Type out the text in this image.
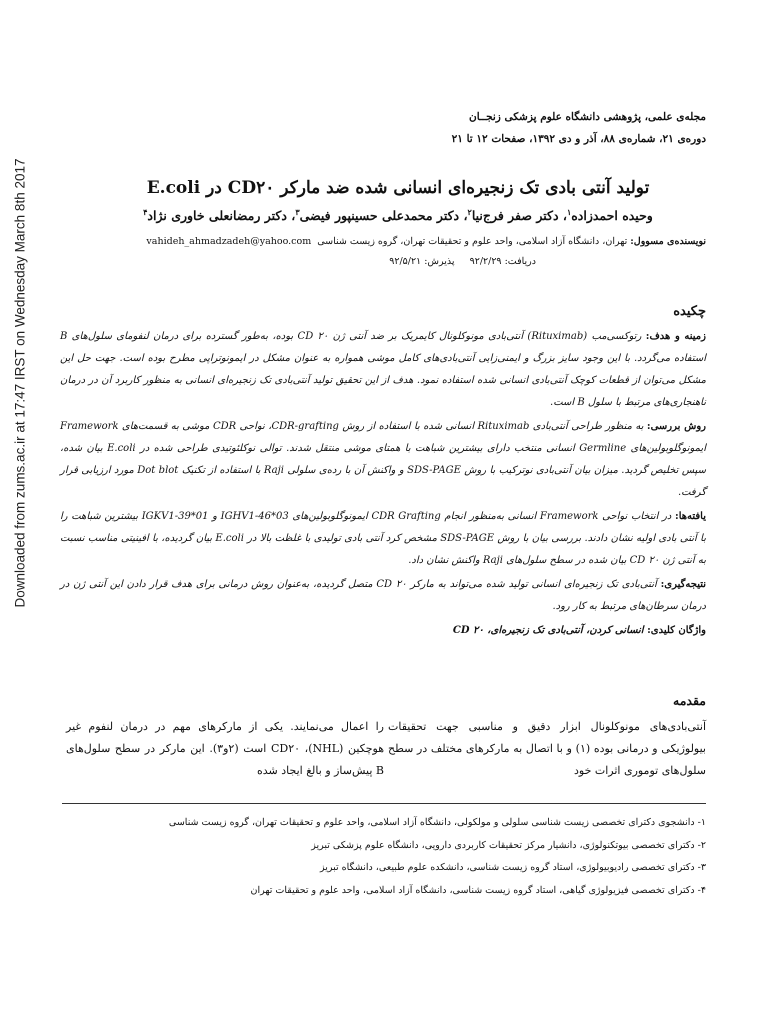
Downloaded from zums.ac.ir at 17:47 IRST on Wednesday March 8th 2017
مجله‌ی علمی، پژوهشی دانشگاه علوم پزشکی زنجــان
دوره‌ی ۲۱، شماره‌ی ۸۸، آذر و دی ۱۳۹۲، صفحات ۱۲ تا ۲۱
تولید آنتی بادی تک زنجیره‌ای انسانی شده ضد مارکر CD۲۰ در E.coli
وحیده احمدزاده$^۱$، دکتر صفر فرج‌نیا$^۲$، دکتر محمدعلی حسینپور فیضی$^۳$، دکتر رمضانعلی خاوری نژاد$^۴$
نویسنده‌ی مسوول: تهران، دانشگاه آزاد اسلامی، واحد علوم و تحقیقات تهران، گروه زیست شناسی  vahideh_ahmadzadeh@yahoo.com
دریافت: ۹۲/۲/۲۹     پذیرش: ۹۲/۵/۲۱
چکیده

زمینه و هدف: رتوکسی‌مب (Rituximab) آنتی‌بادی مونوکلونال کایمریک بر ضد آنتی ژن CD ۲۰ بوده، به‌طور گسترده برای درمان لنفومای سلول‌های B استفاده می‌گردد. با این وجود سایز بزرگ و ایمنی‌زایی آنتی‌بادی‌های کامل موشی همواره به عنوان مشکل در ایمونوتراپی مطرح بوده است. جهت حل این مشکل می‌توان از قطعات کوچک آنتی‌بادی انسانی شده استفاده نمود. هدف از این تحقیق تولید آنتی‌بادی تک زنجیره‌ای انسانی به منظور کاربرد آن در درمان ناهنجاری‌های مرتبط با سلول B است.

روش بررسی: به منظور طراحی آنتی‌بادی Rituximab انسانی شده با استفاده از روش CDR-grafting، نواحی CDR موشی به قسمت‌های Framework ایمونوگلوبولین‌های Germline انسانی منتخب دارای بیشترین شباهت با همتای موشی منتقل شدند. توالی نوکلئوتیدی طراحی شده در E.coli بیان شده، سپس تخلیص گردید. میزان بیان آنتی‌بادی نوترکیب با روش SDS-PAGE و واکنش آن با رده‌ی سلولی Raji با استفاده از تکنیک Dot blot مورد ارزیابی قرار گرفت.

یافته‌ها: در انتخاب نواحی Framework انسانی به‌منظور انجام CDR Grafting ایمونوگلوبولین‌های IGHV1-46*03 و IGKV1-39*01 بیشترین شباهت را با آنتی بادی اولیه نشان دادند. بررسی بیان با روش SDS-PAGE مشخص کرد آنتی بادی تولیدی با غلظت بالا در E.coli بیان گردیده، با افینیتی مناسب نسبت به آنتی ژن CD ۲۰ بیان شده در سطح سلول‌های Raji واکنش نشان داد.

نتیجه‌گیری: آنتی‌بادی تک زنجیره‌ای انسانی تولید شده می‌تواند به مارکر CD ۲۰ متصل گردیده، به‌عنوان روش درمانی برای هدف قرار دادن این آنتی ژن در درمان سرطان‌های مرتبط به کار رود.

واژگان کلیدی: انسانی کردن، آنتی‌بادی تک زنجیره‌ای، CD ۲۰

مقدمه
آنتی‌بادی‌های مونوکلونال ابزار دقیق و مناسبی جهت تحقیقات بیولوژیکی و درمانی بوده (۱) و با اتصال به مارکرهای مختلف در سطح سلول‌های توموری اثرات خود
را اعمال می‌نمایند. یکی از مارکرهای مهم در درمان لنفوم غیر هوچکین (NHL)، CD۲۰ است (۲و۳). این مارکر در سطح سلول‌های B پیش‌ساز و بالغ ایجاد شده
۱- دانشجوی دکترای تخصصی زیست شناسی سلولی و مولکولی، دانشگاه آزاد اسلامی، واحد علوم و تحقیقات تهران، گروه زیست شناسی
۲- دکترای تخصصی بیوتکنولوژی، دانشیار مرکز تحقیقات کاربردی دارویی، دانشگاه علوم پزشکی تبریز
۳- دکترای تخصصی رادیوبیولوژی، استاد گروه زیست شناسی، دانشکده علوم طبیعی، دانشگاه تبریز
۴- دکترای تخصصی فیزیولوژی گیاهی، استاد گروه زیست شناسی، دانشگاه آزاد اسلامی، واحد علوم و تحقیقات تهران
